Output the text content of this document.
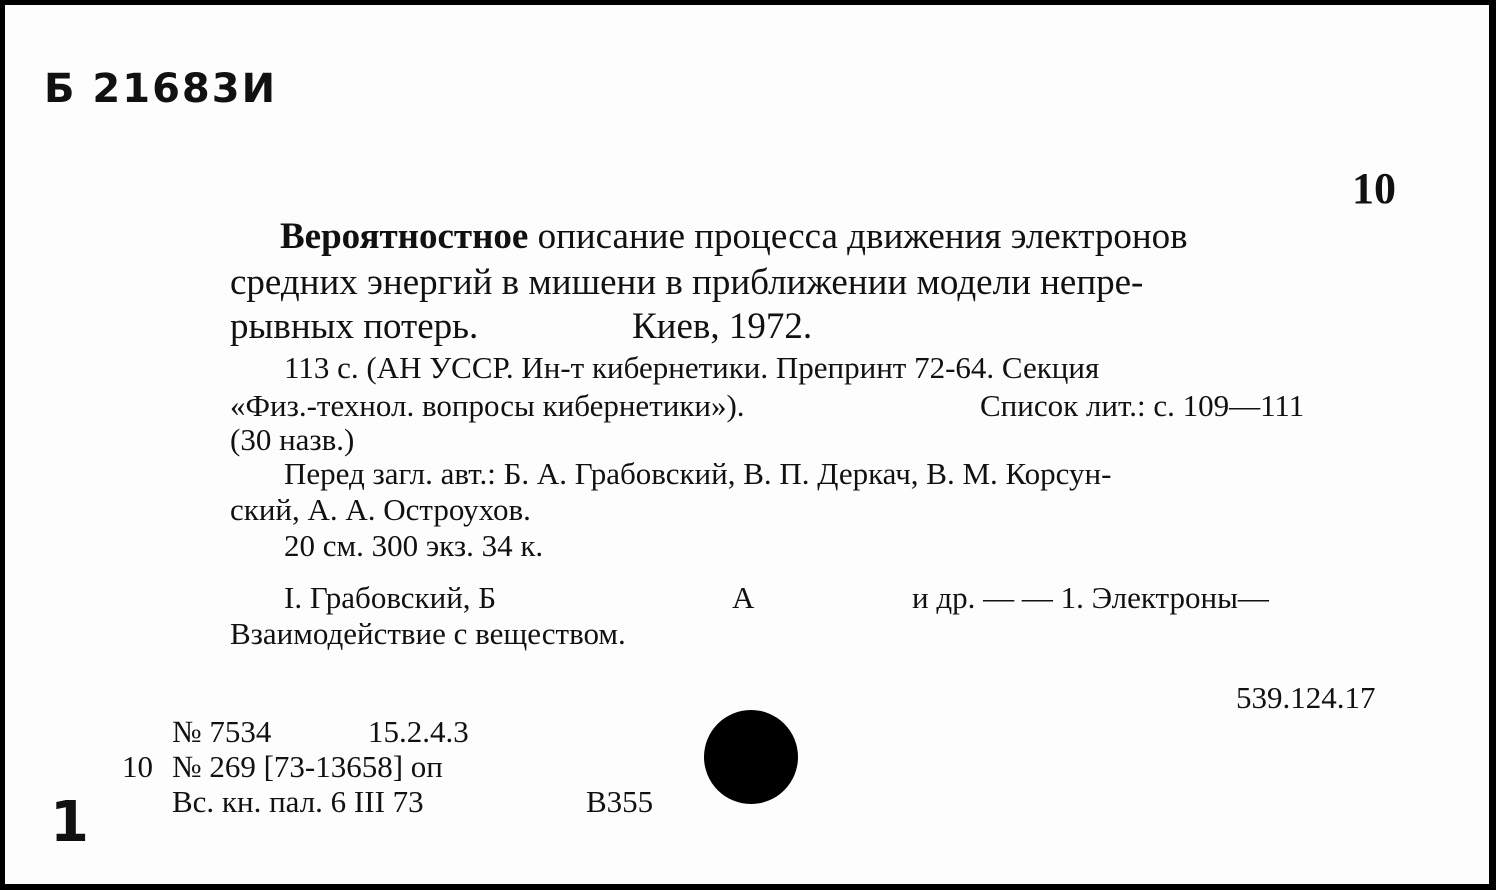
Б 21683И
10
Вероятностное описание процесса движения электронов
средних энергий в мишени в приближении модели непре-
рывных потерь.	Киев, 1972.
113 с. (АН УССР. Ин-т кибернетики. Препринт 72-64. Секция
«Физ.-технол. вопросы кибернетики»).	Список лит.: с. 109—111
(30 назв.)
Перед загл. авт.: Б. А. Грабовский, В. П. Деркач, В. М. Корсун-
ский, А. А. Остроухов.
20 см. 300 экз. 34 к.
I. Грабовский, Б	А	и др. — — 1. Электроны—
Взаимодействие с веществом.
539.124.17
№ 7534	15.2.4.3
10 № 269 [73-13658] оп
Вс. кн. пал. 6 III 73	B355
1
